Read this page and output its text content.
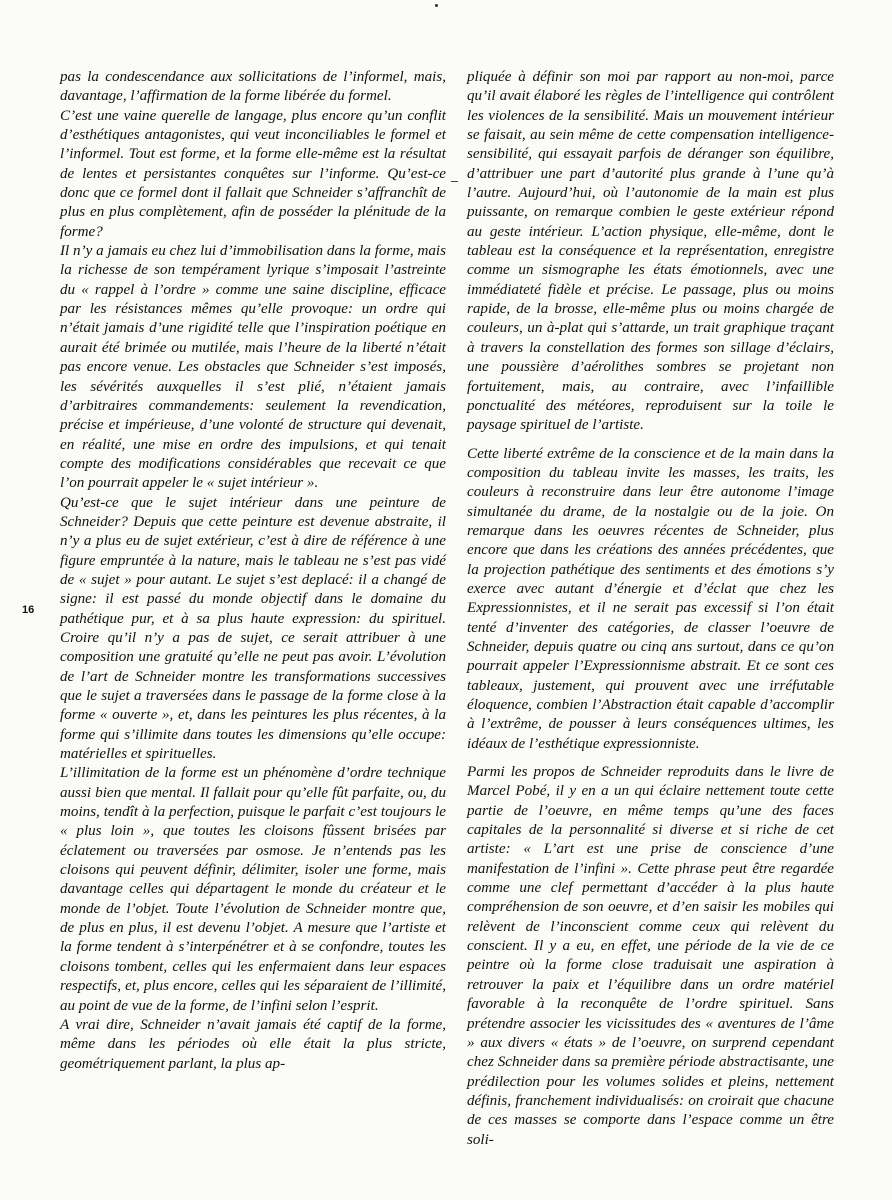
pas la condescendance aux sollicitations de l’informel, mais, davantage, l’affirmation de la forme libérée du formel.

C’est une vaine querelle de langage, plus encore qu’un conflit d’esthétiques antagonistes, qui veut inconciliables le formel et l’informel. Tout est forme, et la forme elle-même est la résultat de lentes et persistantes conquêtes sur l’informe. Qu’est-ce donc que ce formel dont il fallait que Schneider s’affranchît de plus en plus complètement, afin de posséder la plénitude de la forme?

Il n’y a jamais eu chez lui d’immobilisation dans la forme, mais la richesse de son tempérament lyrique s’imposait l’astreinte du « rappel à l’ordre » comme une saine discipline, efficace par les résistances mêmes qu’elle provoque: un ordre qui n’était jamais d’une rigidité telle que l’inspiration poétique en aurait été brimée ou mutilée, mais l’heure de la liberté n’était pas encore venue. Les obstacles que Schneider s’est imposés, les sévérités auxquelles il s’est plié, n’étaient jamais d’arbitraires commandements: seulement la revendication, précise et impérieuse, d’une volonté de structure qui devenait, en réalité, une mise en ordre des impulsions, et qui tenait compte des modifications considérables que recevait ce que l’on pourrait appeler le « sujet intérieur ».

Qu’est-ce que le sujet intérieur dans une peinture de Schneider? Depuis que cette peinture est devenue abstraite, il n’y a plus eu de sujet extérieur, c’est à dire de référence à une figure empruntée à la nature, mais le tableau ne s’est pas vidé de « sujet » pour autant. Le sujet s’est deplacé: il a changé de signe: il est passé du monde objectif dans le domaine du pathétique pur, et à sa plus haute expression: du spirituel. Croire qu’il n’y a pas de sujet, ce serait attribuer à une composition une gratuité qu’elle ne peut pas avoir. L’évolution de l’art de Schneider montre les transformations successives que le sujet a traversées dans le passage de la forme close à la forme « ouverte », et, dans les peintures les plus récentes, à la forme qui s’illimite dans toutes les dimensions qu’elle occupe: matérielles et spirituelles.

L’illimitation de la forme est un phénomène d’ordre technique aussi bien que mental. Il fallait pour qu’elle fût parfaite, ou, du moins, tendît à la perfection, puisque le parfait c’est toujours le « plus loin », que toutes les cloisons fûssent brisées par éclatement ou traversées par osmose. Je n’entends pas les cloisons qui peuvent définir, délimiter, isoler une forme, mais davantage celles qui départagent le monde du créateur et le monde de l’objet. Toute l’évolution de Schneider montre que, de plus en plus, il est devenu l’objet. A mesure que l’artiste et la forme tendent à s’interpénétrer et à se confondre, toutes les cloisons tombent, celles qui les enfermaient dans leur espaces respectifs, et, plus encore, celles qui les séparaient de l’illimité, au point de vue de la forme, de l’infini selon l’esprit.

A vrai dire, Schneider n’avait jamais été captif de la forme, même dans les périodes où elle était la plus stricte, geométriquement parlant, la plus ap-

16

pliquée à définir son moi par rapport au non-moi, parce qu’il avait élaboré les règles de l’intelligence qui contrôlent les violences de la sensibilité. Mais un mouvement intérieur se faisait, au sein même de cette compensation intelligence-sensibilité, qui essayait parfois de déranger son équilibre, d’attribuer une part d’autorité plus grande à l’une qu’à l’autre. Aujourd’hui, où l’autonomie de la main est plus puissante, on remarque combien le geste extérieur répond au geste intérieur. L’action physique, elle-même, dont le tableau est la conséquence et la représentation, enregistre comme un sismographe les états émotionnels, avec une immédiateté fidèle et précise. Le passage, plus ou moins rapide, de la brosse, elle-même plus ou moins chargée de couleurs, un à-plat qui s’attarde, un trait graphique traçant à travers la constellation des formes son sillage d’éclairs, une poussière d’aérolithes sombres se projetant non fortuitement, mais, au contraire, avec l’infaillible ponctualité des météores, reproduisent sur la toile le paysage spirituel de l’artiste.

Cette liberté extrême de la conscience et de la main dans la composition du tableau invite les masses, les traits, les couleurs à reconstruire dans leur être autonome l’image simultanée du drame, de la nostalgie ou de la joie. On remarque dans les oeuvres récentes de Schneider, plus encore que dans les créations des années précédentes, que la projection pathétique des sentiments et des émotions s’y exerce avec autant d’énergie et d’éclat que chez les Expressionnistes, et il ne serait pas excessif si l’on était tenté d’inventer des catégories, de classer l’oeuvre de Schneider, depuis quatre ou cinq ans surtout, dans ce qu’on pourrait appeler l’Expressionnisme abstrait. Et ce sont ces tableaux, justement, qui prouvent avec une irréfutable éloquence, combien l’Abstraction était capable d’accomplir à l’extrême, de pousser à leurs conséquences ultimes, les idéaux de l’esthétique expressionniste.

Parmi les propos de Schneider reproduits dans le livre de Marcel Pobé, il y en a un qui éclaire nettement toute cette partie de l’oeuvre, en même temps qu’une des faces capitales de la personnalité si diverse et si riche de cet artiste: « L’art est une prise de conscience d’une manifestation de l’infini ». Cette phrase peut être regardée comme une clef permettant d’accéder à la plus haute compréhension de son oeuvre, et d’en saisir les mobiles qui relèvent de l’inconscient comme ceux qui relèvent du conscient. Il y a eu, en effet, une période de la vie de ce peintre où la forme close traduisait une aspiration à retrouver la paix et l’équilibre dans un ordre matériel favorable à la reconquête de l’ordre spirituel. Sans prétendre associer les vicissitudes des « aventures de l’âme » aux divers « états » de l’oeuvre, on surprend cependant chez Schneider dans sa première période abstractisante, une prédilection pour les volumes solides et pleins, nettement définis, franchement individualisés: on croirait que chacune de ces masses se comporte dans l’espace comme un être soli-
